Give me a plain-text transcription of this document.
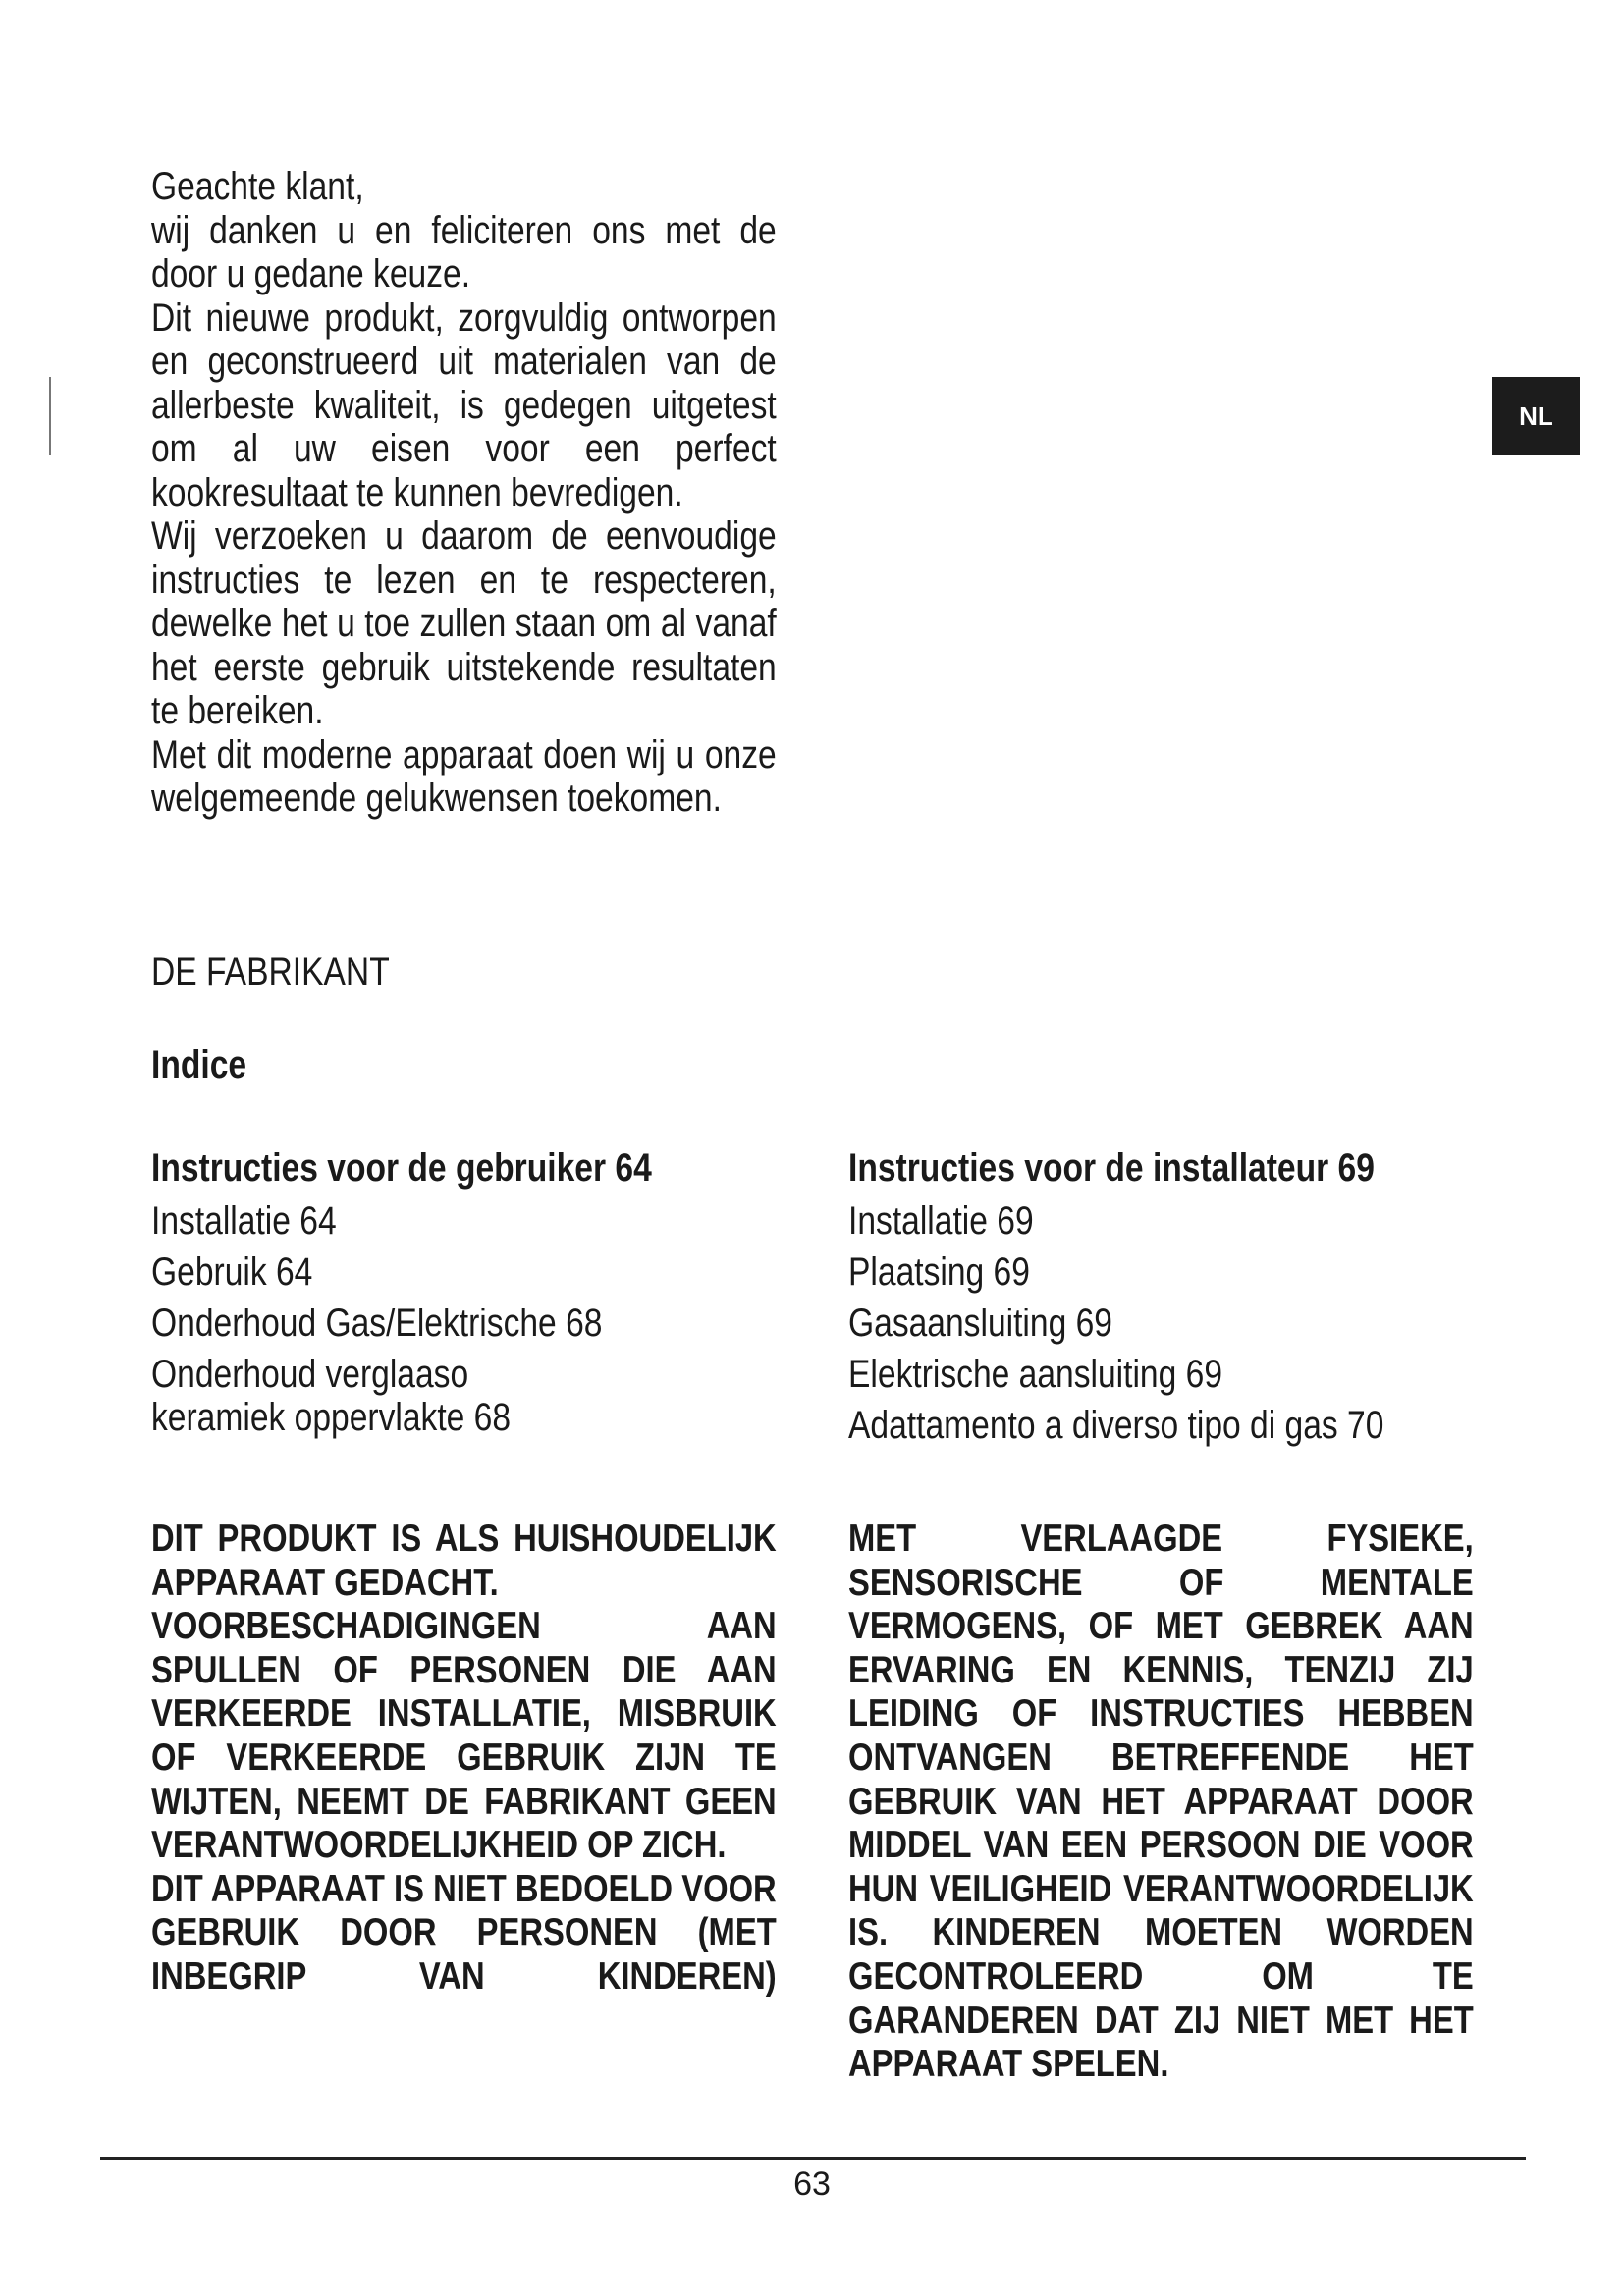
NL

Geachte klant,

wij danken u en feliciteren ons met de door u gedane keuze.

Dit nieuwe produkt, zorgvuldig ontworpen en geconstrueerd uit materialen van de allerbeste kwaliteit, is gedegen uitgetest om al uw eisen voor een perfect kookresultaat te kunnen bevredigen.

Wij verzoeken u daarom de eenvoudige instructies te lezen en te respecteren, dewelke het u toe zullen staan om al vanaf het eerste gebruik uitstekende resultaten te bereiken.

Met dit moderne apparaat doen wij u onze welgemeende gelukwensen toekomen.

DE FABRIKANT
Indice
Instructies voor de gebruiker 64
Installatie 64
Gebruik 64
Onderhoud Gas/Elektrische 68
Onderhoud verglaaso keramiek oppervlakte 68
Instructies voor de installateur 69
Installatie 69
Plaatsing 69
Gasaansluiting 69
Elektrische aansluiting 69
Adattamento a diverso tipo di gas 70
DIT PRODUKT IS ALS HUISHOUDELIJK APPARAAT GEDACHT.
VOORBESCHADIGINGEN AAN SPULLEN OF PERSONEN DIE AAN VERKEERDE INSTALLATIE, MISBRUIK OF VERKEERDE GEBRUIK ZIJN TE WIJTEN, NEEMT DE FABRIKANT GEEN VERANTWOORDELIJKHEID OP ZICH.
DIT APPARAAT IS NIET BEDOELD VOOR GEBRUIK DOOR PERSONEN (MET INBEGRIP VAN KINDEREN)
MET VERLAAGDE FYSIEKE, SENSORISCHE OF MENTALE VERMOGENS, OF MET GEBREK AAN ERVARING EN KENNIS, TENZIJ ZIJ LEIDING OF INSTRUCTIES HEBBEN ONTVANGEN BETREFFENDE HET GEBRUIK VAN HET APPARAAT DOOR MIDDEL VAN EEN PERSOON DIE VOOR HUN VEILIGHEID VERANTWOORDELIJK IS. KINDEREN MOETEN WORDEN GECONTROLEERD OM TE GARANDEREN DAT ZIJ NIET MET HET APPARAAT SPELEN.
63
